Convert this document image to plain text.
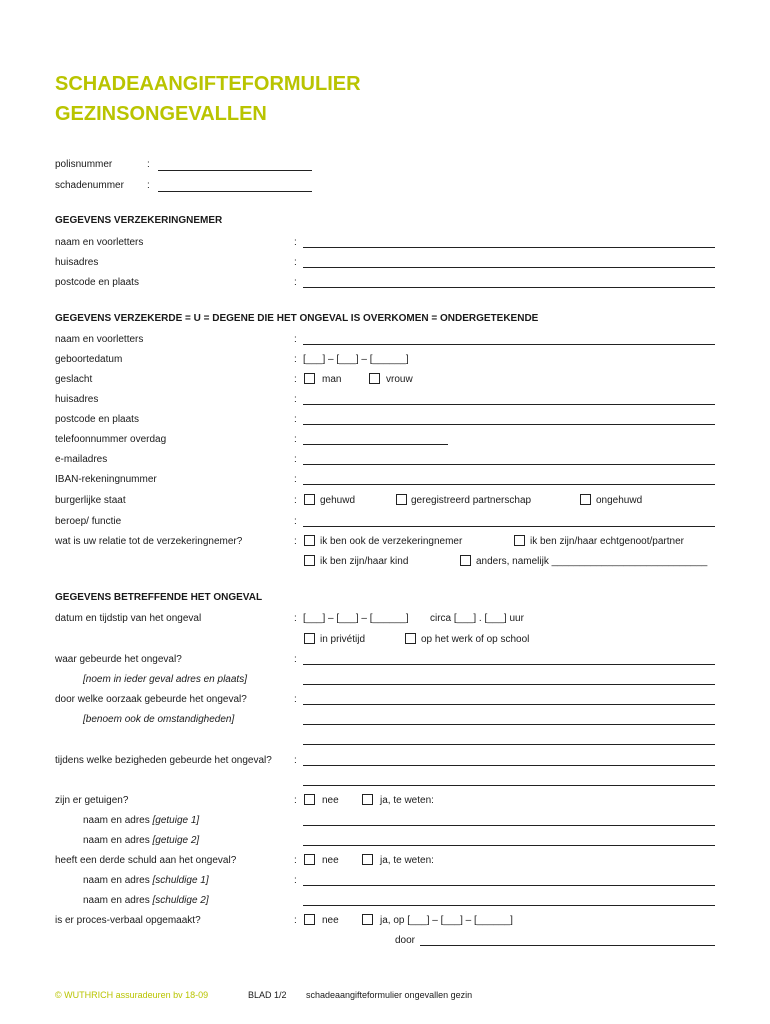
SCHADEAANGIFTEFORMULIER
GEZINSONGEVALLEN
polisnummer	:
schadenummer :
GEGEVENS VERZEKERINGNEMER
naam en voorletters	:
huisadres	:
postcode en plaats	:
GEGEVENS VERZEKERDE = U = DEGENE DIE HET ONGEVAL IS OVERKOMEN = ONDERGETEKENDE
naam en voorletters	:
geboortedatum	: [___] – [___] – [______]
geslacht	:	man	vrouw
huisadres	:
postcode en plaats	:
telefoonnummer overdag	:
e-mailadres	:
IBAN-rekeningnummer	:
burgerlijke staat	: gehuwd	geregistreerd partnerschap	ongehuwd
beroep/ functie	:
wat is uw relatie tot de verzekeringnemer?	: ik ben ook de verzekeringnemer	ik ben zijn/haar echtgenoot/partner
ik ben zijn/haar kind	anders, namelijk ____________________________
GEGEVENS BETREFFENDE HET ONGEVAL
datum en tijdstip van het ongeval	: [___] – [___] – [______] circa [___] . [___] uur
in privétijd	op het werk of op school
waar gebeurde het ongeval?	:
[noem in ieder geval adres en plaats]
door welke oorzaak gebeurde het ongeval?	:
[benoem ook de omstandigheden]
tijdens welke bezigheden gebeurde het ongeval? :
zijn er getuigen?	:	nee	ja, te weten:
naam en adres [getuige 1]
naam en adres [getuige 2]
heeft een derde schuld aan het ongeval?	:	nee	ja, te weten:
naam en adres [schuldige 1]	:
naam en adres [schuldige 2]
is er proces-verbaal opgemaakt?	:	nee	ja, op [___] – [___] – [______]
door
© WUTHRICH assuradeuren bv 18-09	BLAD 1/2 schadeaangifteformulier ongevallen gezin
